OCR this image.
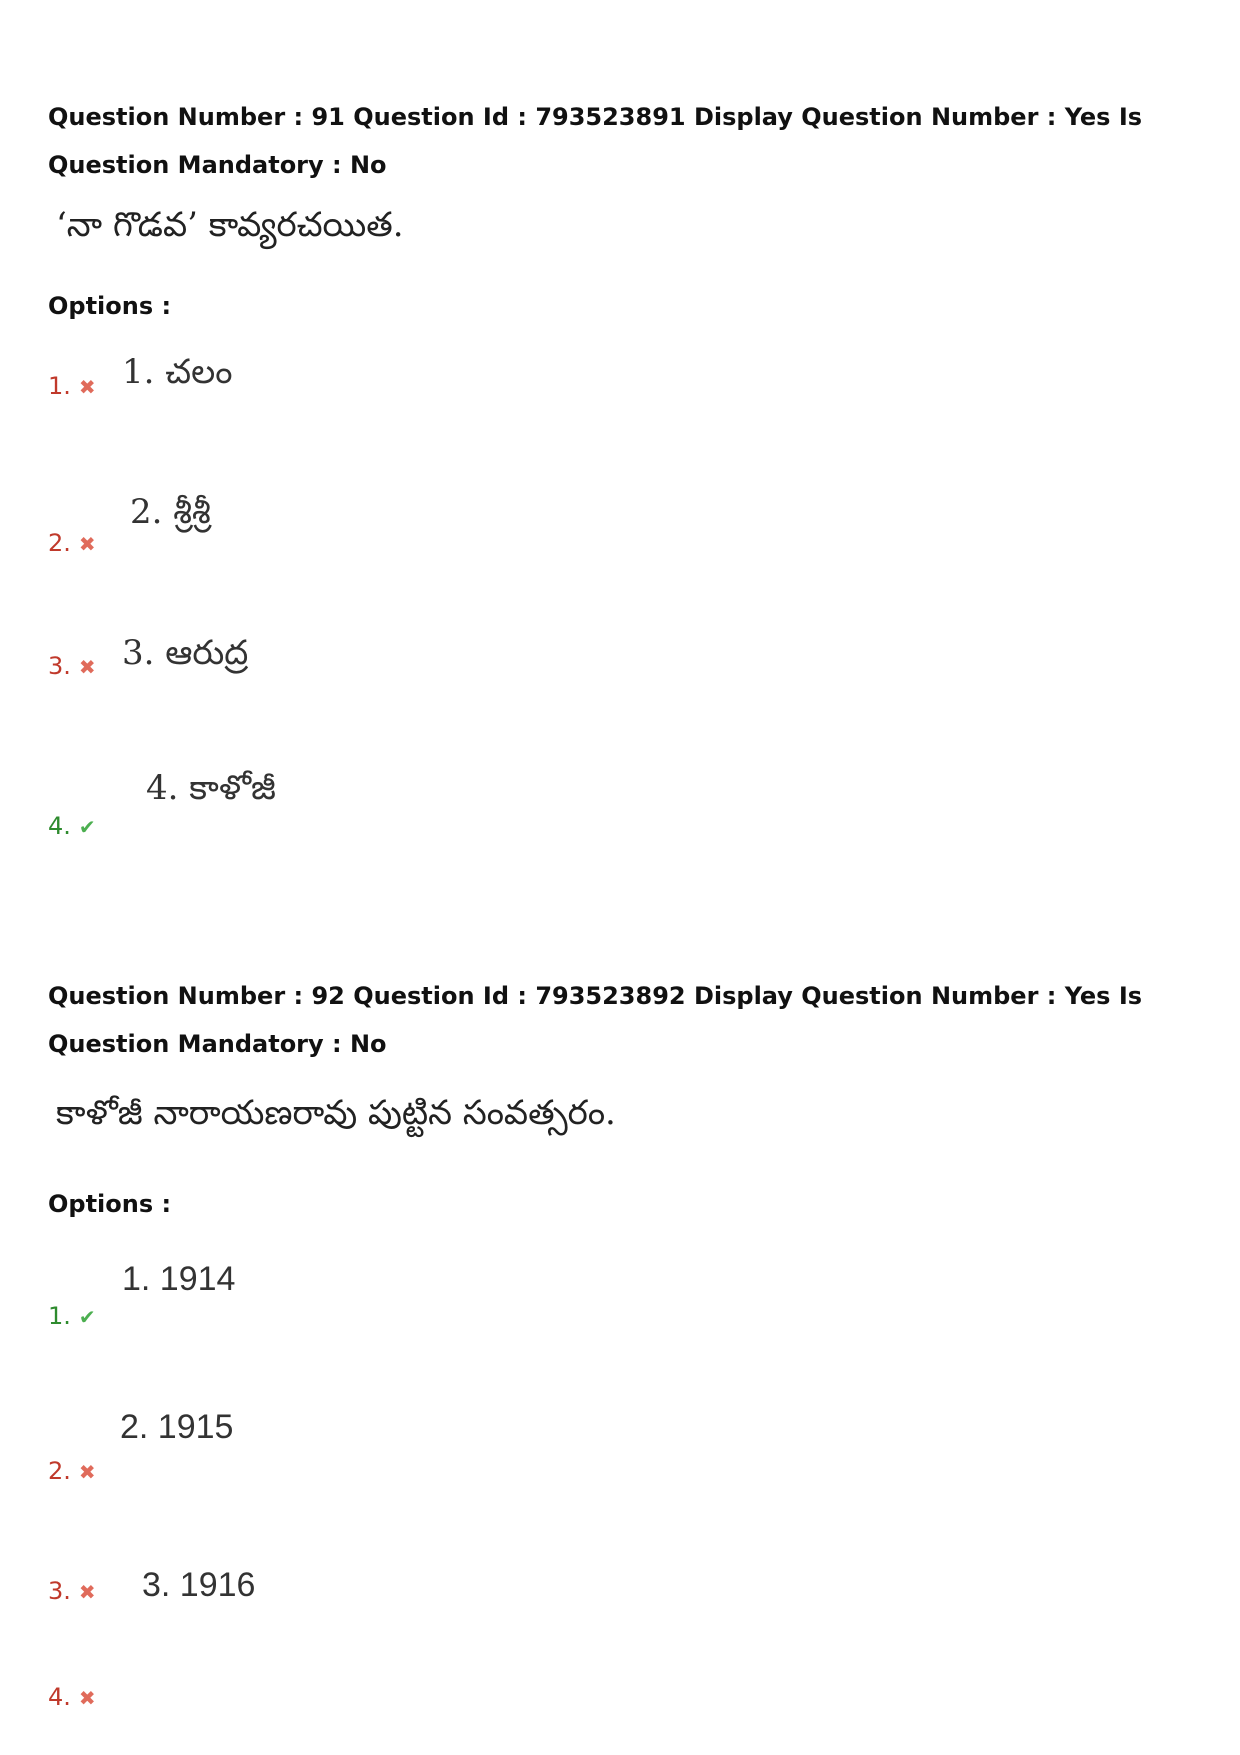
Question Number : 91 Question Id : 793523891 Display Question Number : Yes Is Question Mandatory : No
‘నా గొడవ’ కావ్యరచయిత.
Options :
1. ✖ 1. చలం
2. ✖
2. శ్రీశ్రీ
3. ✖ 3. ఆరుద్ర
4. ✔
4. కాళోజీ
Question Number : 92 Question Id : 793523892 Display Question Number : Yes Is Question Mandatory : No
కాళోజీ నారాయణరావు పుట్టిన సంవత్సరం.
Options :
1. ✔
1. 1914
2. ✖
2. 1915
3. ✖ 3. 1916
4. ✖
